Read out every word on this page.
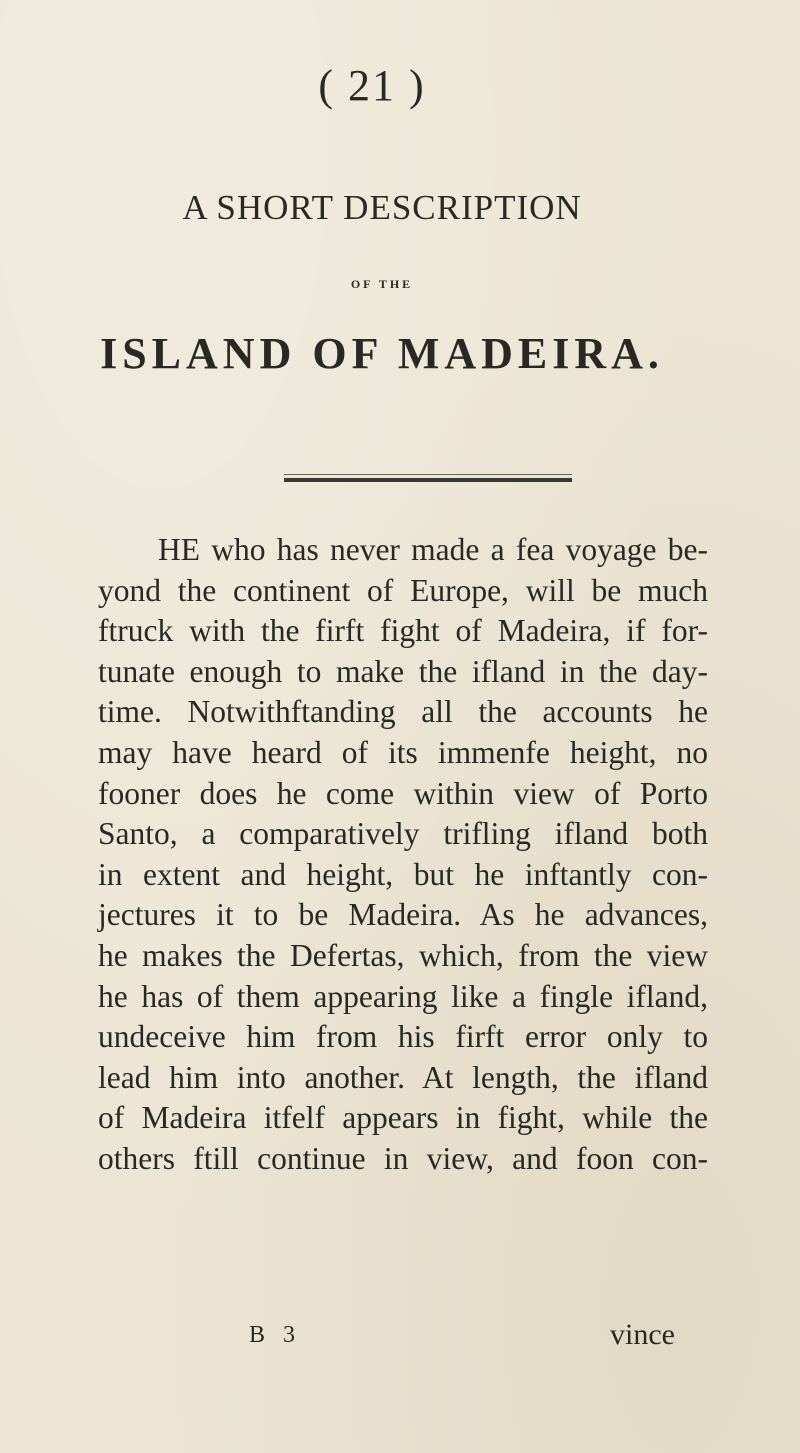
( 21 )
A SHORT DESCRIPTION
OF THE
ISLAND OF MADEIRA.
HE who has never made a fea voyage be-
yond the continent of Europe, will be much
ftruck with the firft fight of Madeira, if for-
tunate enough to make the ifland in the day-
time. Notwithftanding all the accounts he
may have heard of its immenfe height, no
fooner does he come within view of Porto
Santo, a comparatively trifling ifland both
in extent and height, but he inftantly con-
jectures it to be Madeira. As he advances,
he makes the Defertas, which, from the view
he has of them appearing like a fingle ifland,
undeceive him from his firft error only to
lead him into another. At length, the ifland
of Madeira itfelf appears in fight, while the
others ftill continue in view, and foon con-
B 3	vince
